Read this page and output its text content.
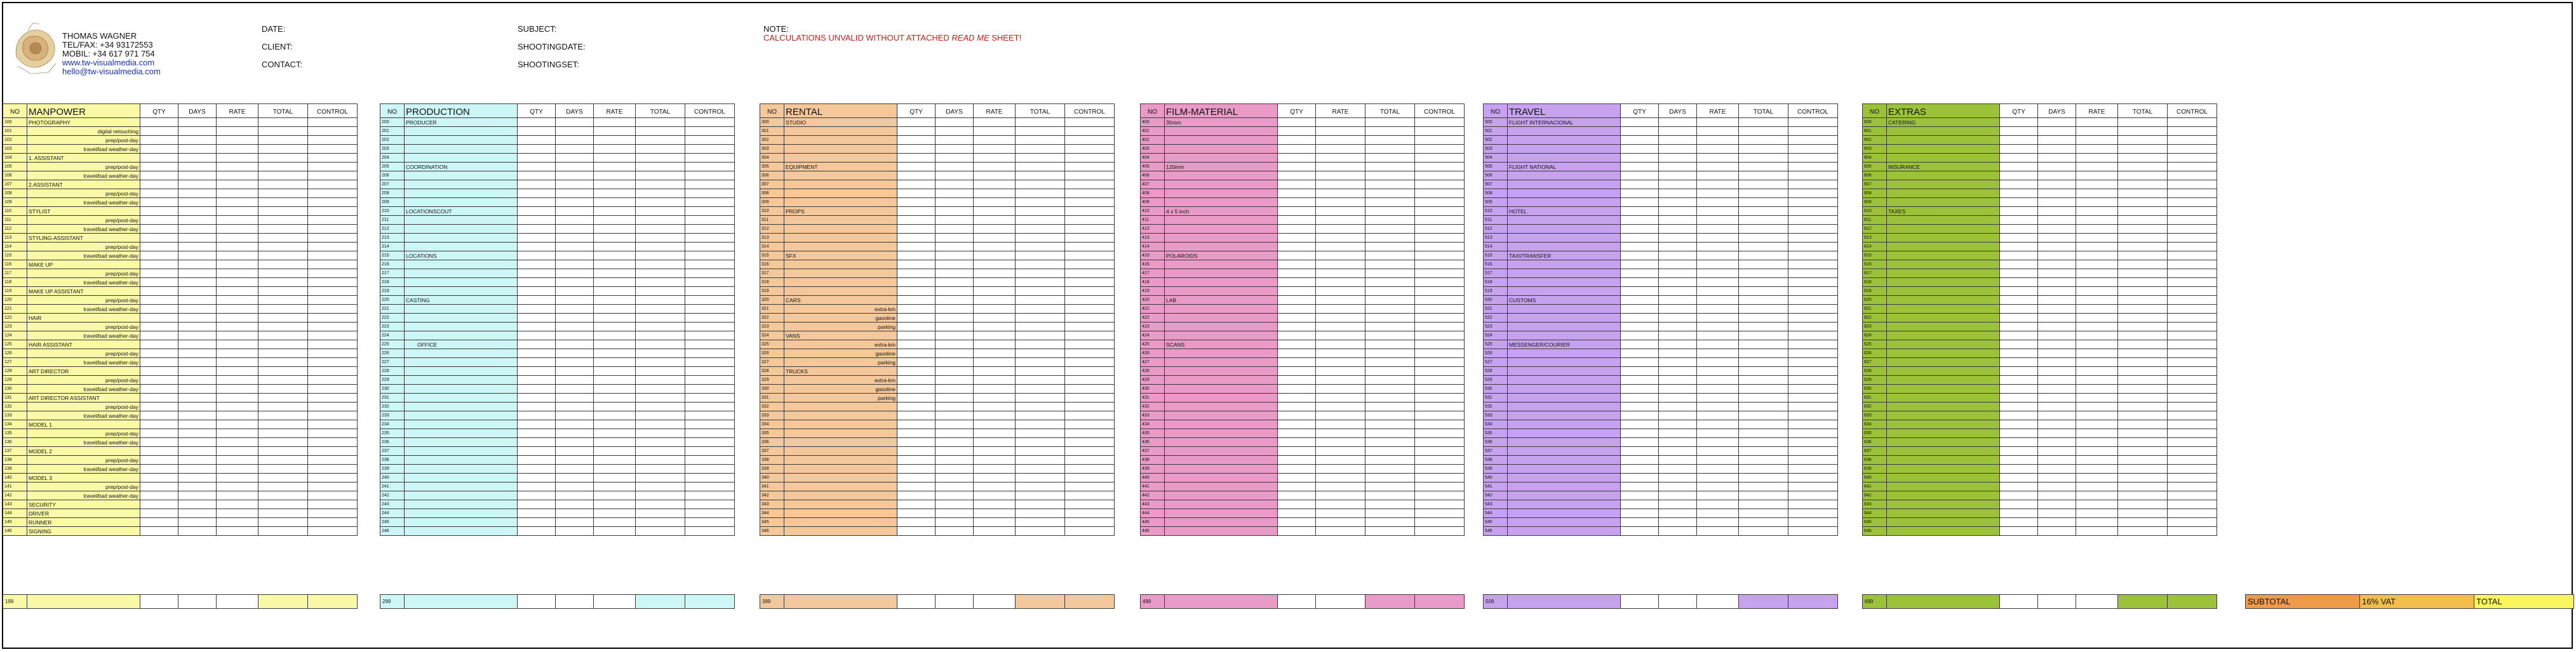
THOMAS WAGNER
TEL/FAX: +34 93172553
MOBIL: +34 617 971 754
www.tw-visualmedia.com
hello@tw-visualmedia.com
DATE:
CLIENT:
CONTACT:
SUBJECT:
SHOOTINGDATE:
SHOOTINGSET:
NOTE:
CALCULATIONS UNVALID WITHOUT ATTACHED READ ME SHEET!
NO	MANPOWER	QTY	DAYS	RATE	TOTAL	CONTROL
100	PHOTOGRAPHY					
101	digital retouching					
102	prep/post-day					
103	travel/bad weather-day					
104	1. ASSISTANT					
105	prep/post-day					
106	travel/bad weather-day					
107	2.ASSISTANT					
108	prep/post-day					
109	travel/bad weather-day					
110	STYLIST					
111	prep/post-day					
112	travel/bad weather-day					
113	STYLING-ASSISTANT					
114	prep/post-day					
115	travel/bad weather-day					
116	MAKE UP					
117	prep/post-day					
118	travel/bad weather-day					
119	MAKE UP ASSISTANT					
120	prep/post-day					
121	travel/bad weather-day					
122	HAIR					
123	prep/post-day					
124	travel/bad weather-day					
125	HAIR ASSISTANT					
126	prep/post-day					
127	travel/bad weather-day					
128	ART DIRECTOR					
129	prep/post-day					
130	travel/bad weather-day					
131	ART DIRECTOR ASSISTANT					
132	prep/post-day					
133	travel/bad weather-day					
134	MODEL 1					
135	prep/post-day					
136	travel/bad weather-day					
137	MODEL 2					
138	prep/post-day					
139	travel/bad weather-day					
140	MODEL 3					
141	prep/post-day					
142	travel/bad weather-day					
143	SECURITY					
144	DRIVER					
145	RUNNER					
146	SIGNING					
NO	PRODUCTION	QTY	DAYS	RATE	TOTAL	CONTROL
200	PRODUCER					
201						
202						
203						
204						
205	COORDINATION					
206						
207						
208						
209						
210	LOCATIONSCOUT					
211						
212						
213						
214						
215	LOCATIONS					
216						
217						
218						
219						
220	CASTING					
221						
222						
223						
224						
225	OFFICE					
226						
227						
228						
229						
230						
231						
232						
233						
234						
235						
236						
237						
238						
239						
240						
241						
242						
243						
244						
245						
246						
NO	RENTAL	QTY	DAYS	RATE	TOTAL	CONTROL
300	STUDIO					
301						
302						
303						
304						
305	EQUIPMENT					
306						
307						
308						
309						
310	PROPS					
311						
312						
313						
314						
315	SFX					
316						
317						
318						
319						
320	CARS					
321	extra-km					
322	gasoline					
323	parking					
324	VANS					
325	extra-km					
326	gasoline					
327	parking					
328	TRUCKS					
329	extra-km					
330	gasoline					
331	parking					
332						
333						
334						
335						
336						
337						
338						
339						
340						
341						
342						
343						
344						
345						
346						
NO	FILM-MATERIAL	QTY	RATE	TOTAL	CONTROL
400	35mm				
401					
402					
403					
404					
405	120mm				
406					
407					
408					
409					
410	4 x 5 inch				
411					
412					
413					
414					
415	POLAROIDS				
416					
417					
418					
419					
420	LAB				
421					
422					
423					
424					
425	SCANS				
426					
427					
428					
429					
430					
431					
432					
433					
434					
435					
436					
437					
438					
439					
440					
441					
442					
443					
444					
445					
446					
NO	TRAVEL	QTY	DAYS	RATE	TOTAL	CONTROL
500	FLIGHT INTERNACIONAL					
501						
502						
503						
504						
505	FLIGHT NATIONAL					
506						
507						
508						
509						
510	HOTEL					
511						
512						
513						
514						
515	TAXI/TRANSFER					
516						
517						
518						
519						
520	CUSTOMS					
521						
522						
523						
524						
525	MESSENGER/COURIER					
526						
527						
528						
529						
530						
531						
532						
533						
534						
535						
536						
537						
538						
539						
540						
541						
542						
543						
544						
545						
546						
NO	EXTRAS	QTY	DAYS	RATE	TOTAL	CONTROL
600	CATERING					
601						
602						
603						
604						
605	INSURANCE					
606						
607						
608						
609						
610	TAXES					
611						
612						
613						
614						
615						
616						
617						
618						
619						
620						
621						
622						
623						
624						
625						
626						
627						
628						
629						
630						
631						
632						
633						
634						
635						
636						
637						
638						
639						
640						
641						
642						
643						
644						
645						
646						
199							299							399							499						509							699							SUBTOTAL	16% VAT	TOTAL
